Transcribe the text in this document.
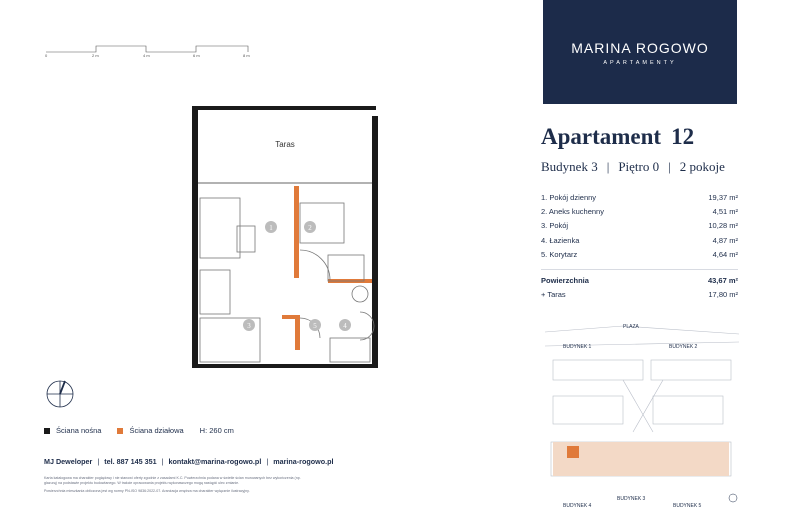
0	2 m	4 m	6 m	8 m
Taras
1	2
3	5	4
Ściana nośna	Ściana działowa H: 260 cm
MJ Deweloper | tel. 887 145 351 | kontakt@marina-rogowo.pl | marina-rogowo.pl

Karta katalogowa ma charakter poglądowy i nie stanowi oferty zgodnie z zasadami K.C. Powierzchnia podana w świetle ścian murowanych bez wykończenia (np. glazurą) na podstawie projektu budowlanego. W trakcie opracowania projektu wykonawczego mogą nastąpić ulec zmianie.

Powierzchnia mieszkania obliczona jest wg normy PN-ISO 9836:2022-07. Aranżacja wnętrza ma charakter wyłącznie ilustracyjny.

MARINA ROGOWO
APARTAMENTY
Apartament 12
Budynek 3 | Piętro 0 | 2 pokoje
1. Pokój dzienny	19,37 m²
2. Aneks kuchenny	4,51 m²
3. Pokój	10,28 m²
4. Łazienka	4,87 m²
5. Korytarz	4,64 m²
Powierzchnia	43,67 m²
+ Taras	17,80 m²
PLAZA
BUDYNEK 1	BUDYNEK 2
BUDYNEK 3
BUDYNEK 4	BUDYNEK 5
